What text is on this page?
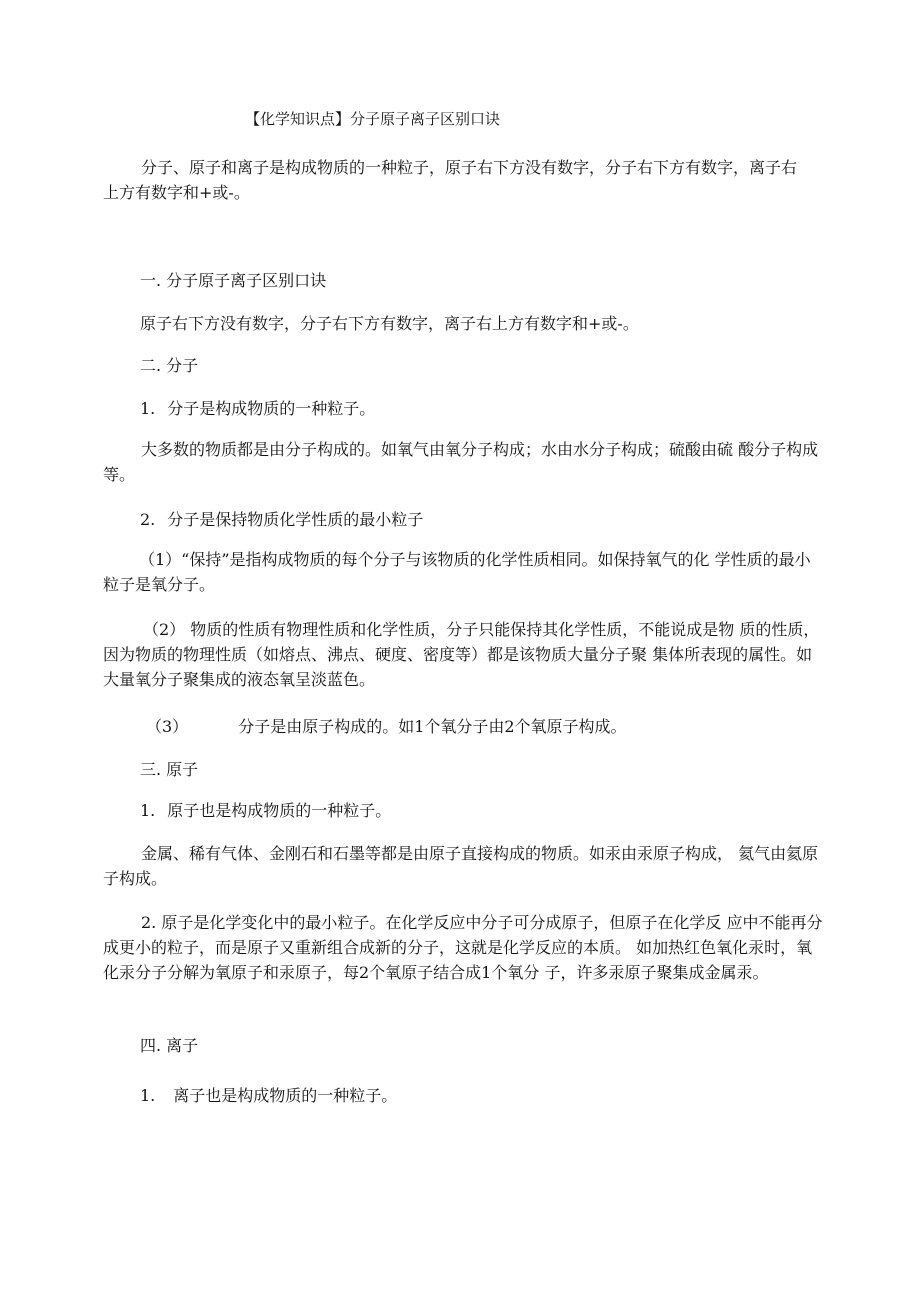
【化学知识点】分子原子离子区别口诀
分子、原子和离子是构成物质的一种粒子，原子右下方没有数字，分子右下方有数字，离子右上方有数字和+或-。
一. 分子原子离子区别口诀
原子右下方没有数字，分子右下方有数字，离子右上方有数字和+或-。
二. 分子
1. 分子是构成物质的一种粒子。
大多数的物质都是由分子构成的。如氧气由氧分子构成；水由水分子构成；硫酸由硫 酸分子构成等。
2. 分子是保持物质化学性质的最小粒子
（1）“保持”是指构成物质的每个分子与该物质的化学性质相同。如保持氧气的化 学性质的最小粒子是氧分子。
（2） 物质的性质有物理性质和化学性质，分子只能保持其化学性质，不能说成是物 质的性质，因为物质的物理性质（如熔点、沸点、硬度、密度等）都是该物质大量分子聚 集体所表现的属性。如大量氧分子聚集成的液态氧呈淡蓝色。
（3）	分子是由原子构成的。如1个氧分子由2个氧原子构成。
三. 原子
1. 原子也是构成物质的一种粒子。
金属、稀有气体、金刚石和石墨等都是由原子直接构成的物质。如汞由汞原子构成， 氦气由氦原子构成。
2. 原子是化学变化中的最小粒子。在化学反应中分子可分成原子，但原子在化学反 应中不能再分成更小的粒子，而是原子又重新组合成新的分子，这就是化学反应的本质。 如加热红色氧化汞时，氧化汞分子分解为氧原子和汞原子，每2个氧原子结合成1个氧分 子，许多汞原子聚集成金属汞。
四. 离子
1. 离子也是构成物质的一种粒子。
